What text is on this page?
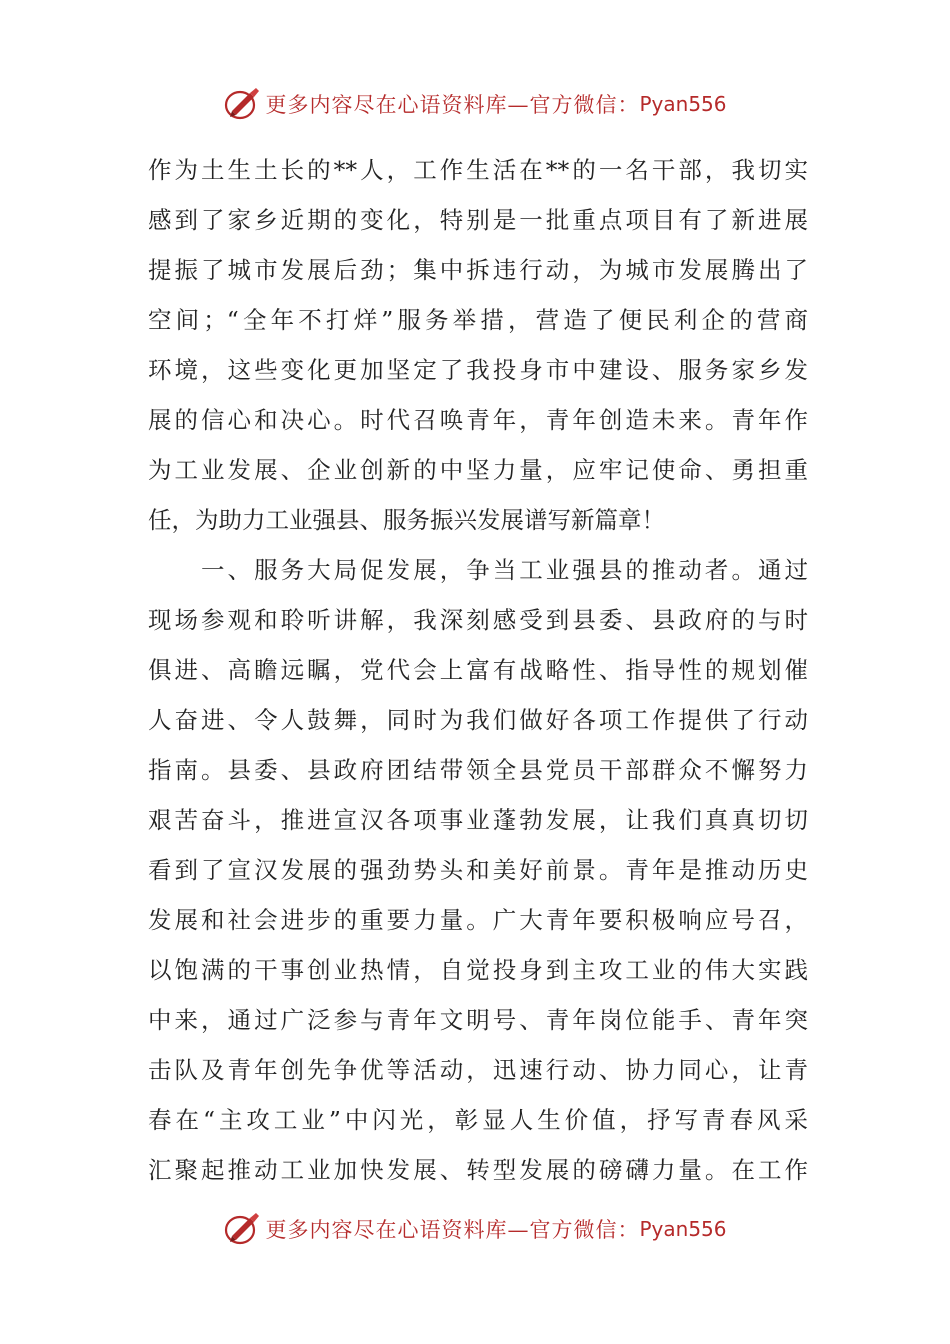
更多内容尽在心语资料库—官方微信： Pyan556
作为土生土长的**人，工作生活在**的一名干部，我切实
感到了家乡近期的变化，特别是一批重点项目有了新进展
提振了城市发展后劲；集中拆违行动，为城市发展腾出了
空间；“全年不打烊”服务举措，营造了便民利企的营商
环境，这些变化更加坚定了我投身市中建设、服务家乡发
展的信心和决心。时代召唤青年，青年创造未来。青年作
为工业发展、企业创新的中坚力量，应牢记使命、勇担重
任，为助力工业强县、服务振兴发展谱写新篇章！
　　一、服务大局促发展，争当工业强县的推动者。通过
现场参观和聆听讲解，我深刻感受到县委、县政府的与时
俱进、高瞻远瞩，党代会上富有战略性、指导性的规划催
人奋进、令人鼓舞，同时为我们做好各项工作提供了行动
指南。县委、县政府团结带领全县党员干部群众不懈努力
艰苦奋斗，推进宣汉各项事业蓬勃发展，让我们真真切切
看到了宣汉发展的强劲势头和美好前景。青年是推动历史
发展和社会进步的重要力量。广大青年要积极响应号召，
以饱满的干事创业热情，自觉投身到主攻工业的伟大实践
中来，通过广泛参与青年文明号、青年岗位能手、青年突
击队及青年创先争优等活动，迅速行动、协力同心，让青
春在“主攻工业”中闪光，彰显人生价值，抒写青春风采
汇聚起推动工业加快发展、转型发展的磅礴力量。在工作
更多内容尽在心语资料库—官方微信： Pyan556
